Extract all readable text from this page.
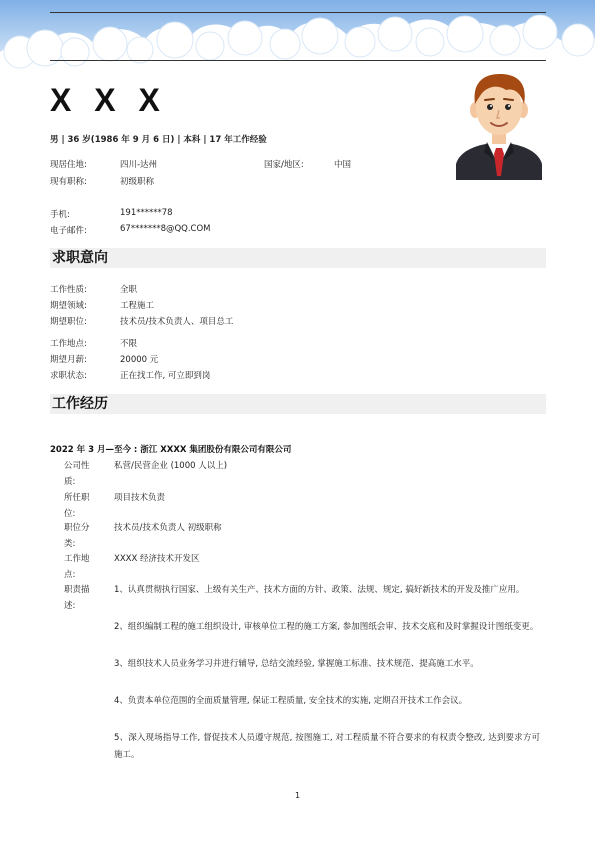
X X X
男 | 36 岁(1986 年 9 月 6 日) | 本科 | 17 年工作经验
现居住地:	四川-达州	国家/地区:	中国
现有职称:	初级职称
手机:	191******78
电子邮件:	67*******8@QQ.COM
求职意向
工作性质:	全职
期望领域:	工程施工
期望职位:	技术员/技术负责人、项目总工
工作地点:	不限
期望月薪:	20000 元
求职状态:	正在找工作, 可立即到岗
工作经历
2022 年 3 月—至今 : 浙江 XXXX 集团股份有限公司有限公司
公司性质:
私营/民营企业 (1000 人以上)
所任职位:
项目技术负责
职位分类:
技术员/技术负责人 初级职称
工作地点:
XXXX 经济技术开发区
职责描述:
1、认真贯彻执行国家、上级有关生产、技术方面的方针、政策、法规、规定, 搞好新技术的开发及推广应用。
2、组织编制工程的施工组织设计, 审核单位工程的施工方案, 参加图纸会审、技术交底和及时掌握设计图纸变更。
3、组织技术人员业务学习并进行辅导, 总结交流经验, 掌握施工标准、技术规范、提高施工水平。
4、负责本单位范围的全面质量管理, 保证工程质量, 安全技术的实施, 定期召开技术工作会议。
5、深入现场指导工作, 督促技术人员遵守规范, 按图施工, 对工程质量不符合要求的有权责令整改, 达到要求方可施工。
1
